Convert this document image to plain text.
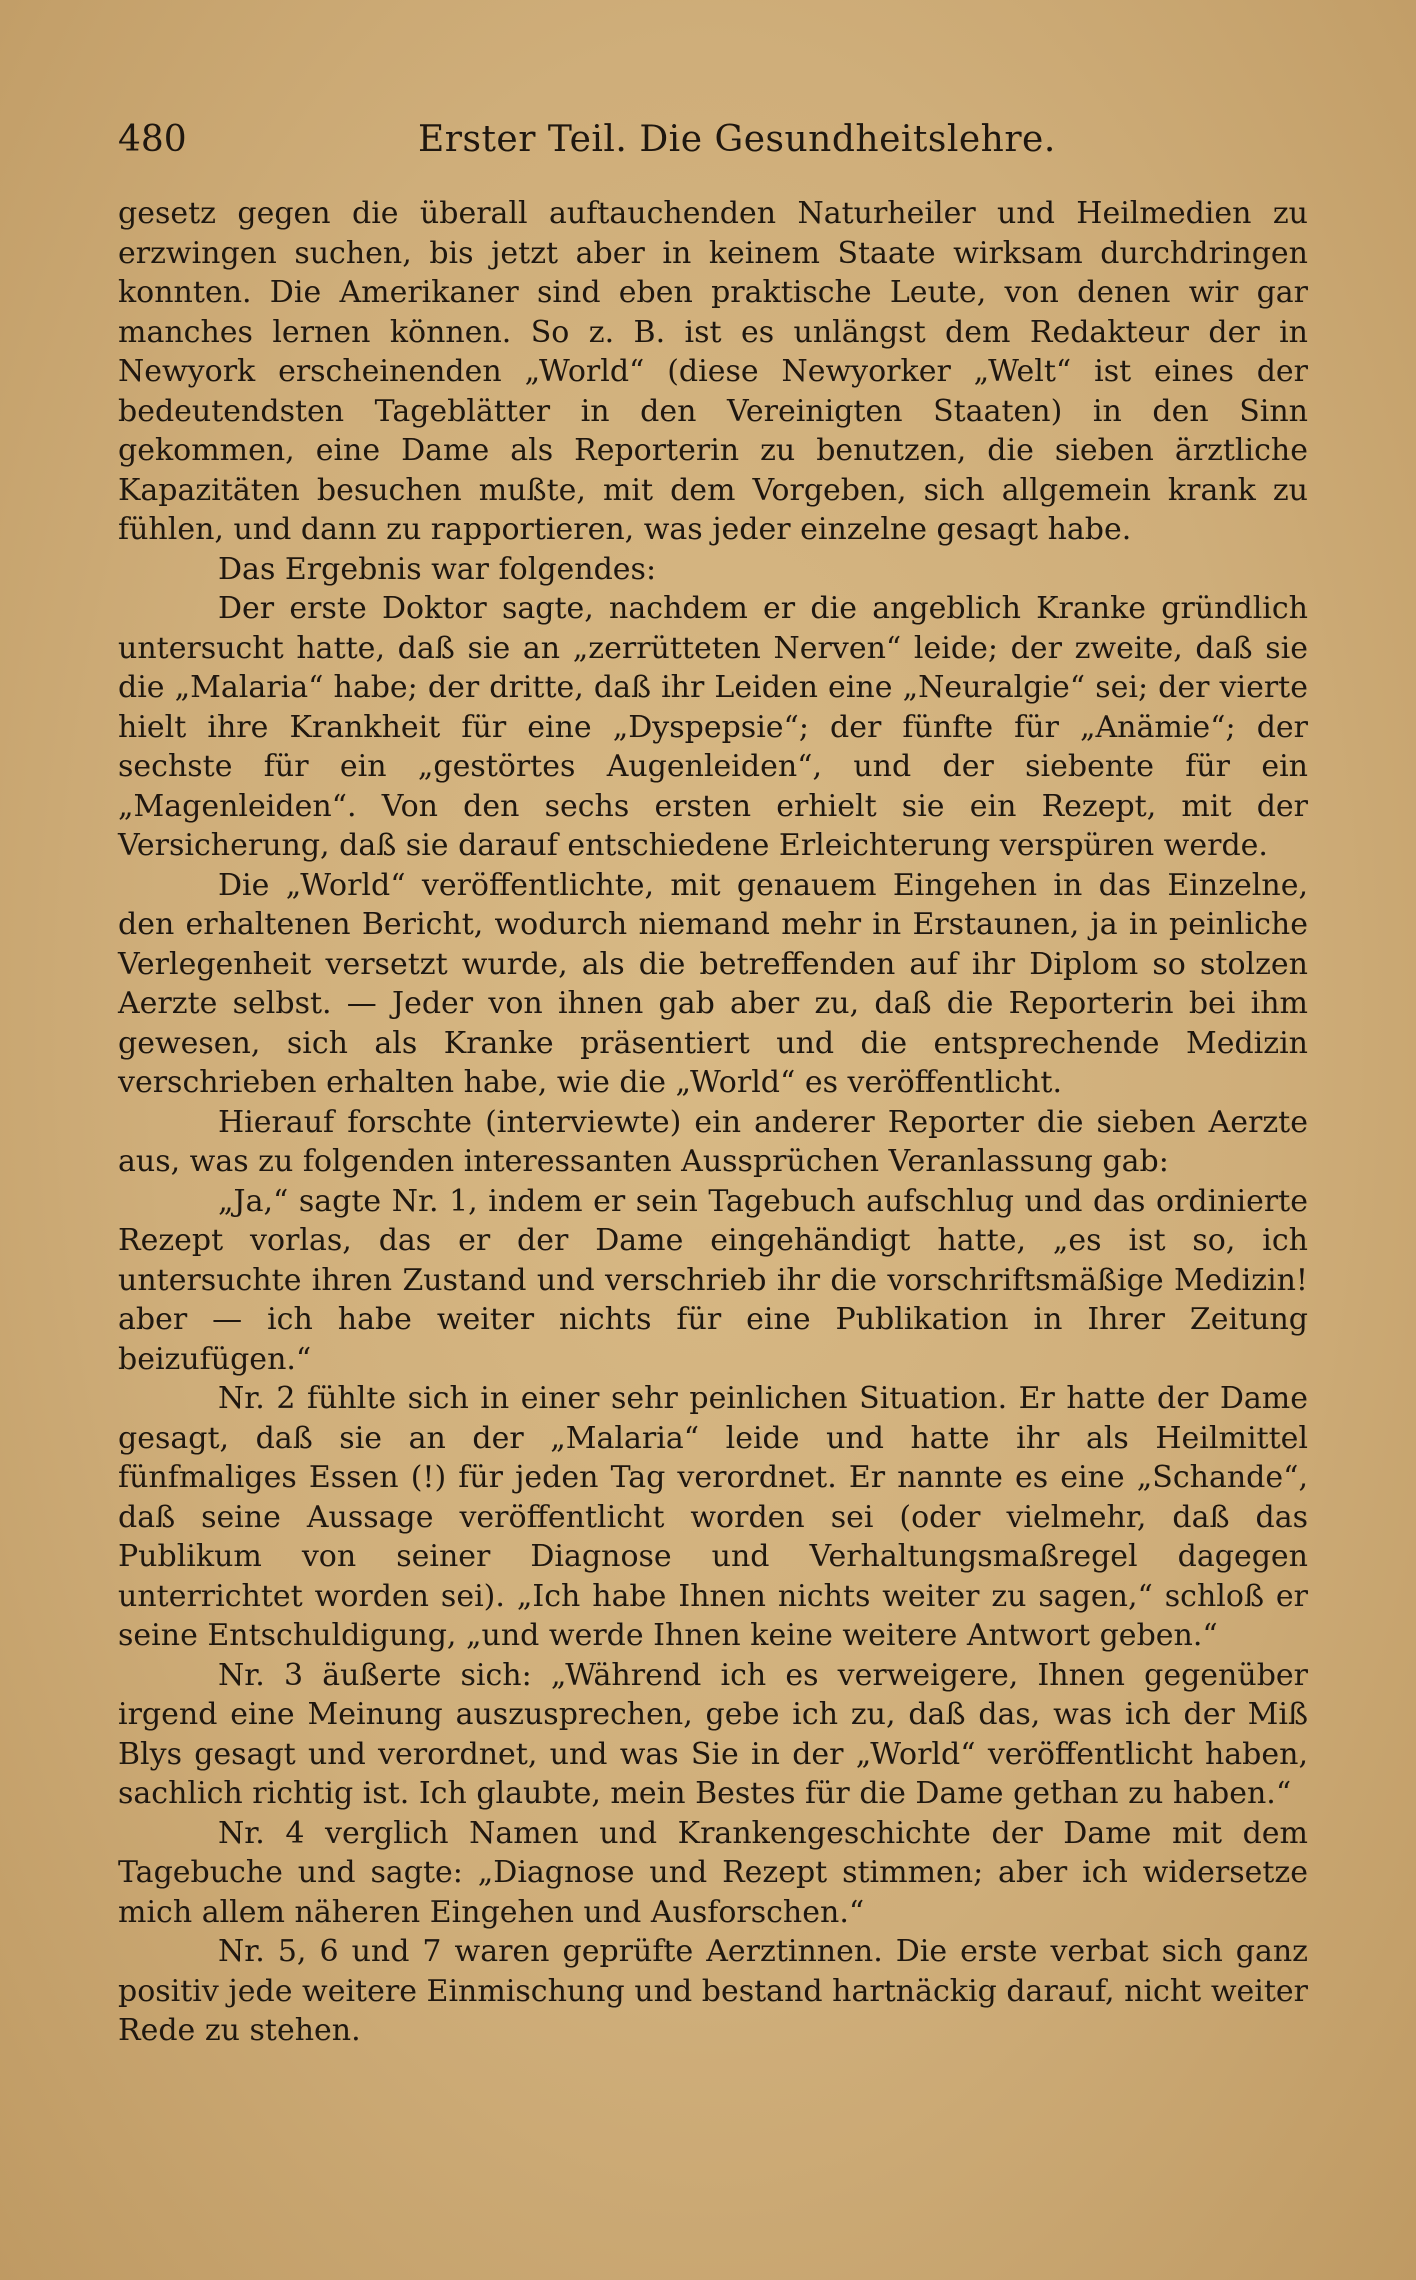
480	Erster Teil. Die Gesundheitslehre.

gesetz gegen die überall auftauchenden Naturheiler und Heilmedien zu erzwingen suchen, bis jetzt aber in keinem Staate wirksam durchdringen konnten. Die Amerikaner sind eben praktische Leute, von denen wir gar manches lernen können. So z. B. ist es unlängst dem Redakteur der in Newyork erscheinenden „World“ (diese Newyorker „Welt“ ist eines der bedeutendsten Tageblätter in den Vereinigten Staaten) in den Sinn gekommen, eine Dame als Reporterin zu benutzen, die sieben ärztliche Kapazitäten besuchen mußte, mit dem Vorgeben, sich allgemein krank zu fühlen, und dann zu rapportieren, was jeder einzelne gesagt habe.

Das Ergebnis war folgendes:

Der erste Doktor sagte, nachdem er die angeblich Kranke gründlich untersucht hatte, daß sie an „zerrütteten Nerven“ leide; der zweite, daß sie die „Malaria“ habe; der dritte, daß ihr Leiden eine „Neuralgie“ sei; der vierte hielt ihre Krankheit für eine „Dyspepsie“; der fünfte für „Anämie“; der sechste für ein „gestörtes Augenleiden“, und der siebente für ein „Magenleiden“. Von den sechs ersten erhielt sie ein Rezept, mit der Versicherung, daß sie darauf entschiedene Erleichterung verspüren werde.

Die „World“ veröffentlichte, mit genauem Eingehen in das Einzelne, den erhaltenen Bericht, wodurch niemand mehr in Erstaunen, ja in peinliche Verlegenheit versetzt wurde, als die betreffenden auf ihr Diplom so stolzen Aerzte selbst. — Jeder von ihnen gab aber zu, daß die Reporterin bei ihm gewesen, sich als Kranke präsentiert und die entsprechende Medizin verschrieben erhalten habe, wie die „World“ es veröffentlicht.

Hierauf forschte (interviewte) ein anderer Reporter die sieben Aerzte aus, was zu folgenden interessanten Aussprüchen Veranlassung gab:

„Ja,“ sagte Nr. 1, indem er sein Tagebuch aufschlug und das ordinierte Rezept vorlas, das er der Dame eingehändigt hatte, „es ist so, ich untersuchte ihren Zustand und verschrieb ihr die vorschriftsmäßige Medizin! aber — ich habe weiter nichts für eine Publikation in Ihrer Zeitung beizufügen.“

Nr. 2 fühlte sich in einer sehr peinlichen Situation. Er hatte der Dame gesagt, daß sie an der „Malaria“ leide und hatte ihr als Heilmittel fünfmaliges Essen (!) für jeden Tag verordnet. Er nannte es eine „Schande“, daß seine Aussage veröffentlicht worden sei (oder vielmehr, daß das Publikum von seiner Diagnose und Verhaltungsmaßregel dagegen unterrichtet worden sei). „Ich habe Ihnen nichts weiter zu sagen,“ schloß er seine Entschuldigung, „und werde Ihnen keine weitere Antwort geben.“

Nr. 3 äußerte sich: „Während ich es verweigere, Ihnen gegenüber irgend eine Meinung auszusprechen, gebe ich zu, daß das, was ich der Miß Blys gesagt und verordnet, und was Sie in der „World“ veröffentlicht haben, sachlich richtig ist. Ich glaubte, mein Bestes für die Dame gethan zu haben.“

Nr. 4 verglich Namen und Krankengeschichte der Dame mit dem Tagebuche und sagte: „Diagnose und Rezept stimmen; aber ich widersetze mich allem näheren Eingehen und Ausforschen.“

Nr. 5, 6 und 7 waren geprüfte Aerztinnen. Die erste verbat sich ganz positiv jede weitere Einmischung und bestand hartnäckig darauf, nicht weiter Rede zu stehen.
